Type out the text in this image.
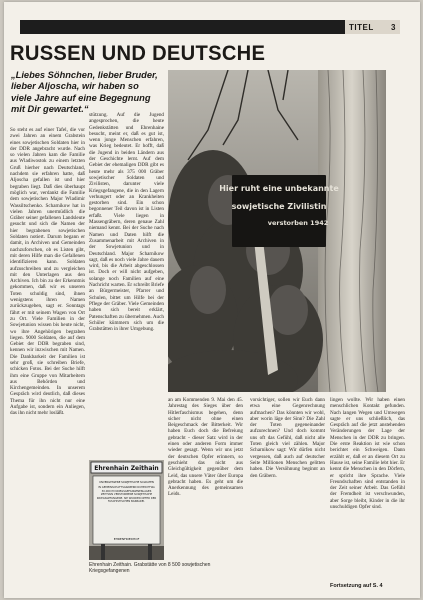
TITEL 3
RUSSEN UND DEUTSCHE
„Liebes Söhnchen, lieber Bruder, lieber Aljoscha, wir haben so viele Jahre auf eine Begegnung mit Dir gewartet.“
So steht es auf einer Tafel, die vor zwei Jahren an einem Grabstein eines sowjetischen Soldaten hier in der DDR angebracht wurde. Nach so vielen Jahren kam die Familie aus Wladiwostok zu einem letzten Gruß hierher nach Deutschland, nachdem sie erfahren hatte, daß Aljoscha gefallen ist und hier begraben liegt. Daß dies überhaupt möglich war, verdankt die Familie dem sowjetischen Major Wladimir Wassiltschenko. Scharnikow hat in vielen Jahren unermüdlich die Gräber seiner gefallenen Landsleute gesucht und sich die Namen der hier begrabenen sowjetischen Soldaten notiert. Darum begann er damit, in Archiven und Gemeinden nachzuforschen, ob es Listen gibt, mit deren Hilfe man die Gefallenen identifizieren kann. Soldaten aufzuschreiben und zu vergleichen mit den Unterlagen aus den Archiven. Ich bin zu der Erkenntnis gekommen, daß wir es unseren Toten schuldig sind, ihnen wenigstens ihren Namen zurückzugeben, sagt er. Sonntags fährt er mit seinem Wagen von Ort zu Ort. Viele Familien in der Sowjetunion wissen bis heute nicht, wo ihre Angehörigen begraben liegen. 9000 Soldaten, die auf dem Gebiet der DDR begraben sind, kennen wir inzwischen mit Namen. Die Dankbarkeit der Familien ist sehr groß, sie schreiben Briefe, schicken Fotos. Bei der Suche hilft ihm eine Gruppe von Mitarbeitern aus Behörden und Kirchengemeinden. In unserem Gespräch wird deutlich, daß dieses Thema für ihn nicht nur eine Aufgabe ist, sondern ein Anliegen, das ihn nicht mehr losläßt.
stützung. Auf die Jugend angesprochen, die heute Gedenkstätten und Ehrenhaine besucht, meint er, daß es gut ist, wenn junge Menschen erfahren, was Krieg bedeutet. Er hofft, daß die Jugend in beiden Ländern aus der Geschichte lernt. Auf dem Gebiet der ehemaligen DDR gibt es heute mehr als 375 000 Gräber sowjetischer Soldaten und Zivilisten, darunter viele Kriegsgefangene, die in den Lagern verhungert oder an Krankheiten gestorben sind. Ein schon begonnener Teil davon ist in Listen erfaßt. Viele liegen in Massengräbern, deren genaue Zahl niemand kennt. Bei der Suche nach Namen und Daten hilft die Zusammenarbeit mit Archiven in der Sowjetunion und in Deutschland. Major Scharnikow sagt, daß es noch viele Jahre dauern wird, bis die Arbeit abgeschlossen ist. Doch er will nicht aufgeben, solange noch Familien auf eine Nachricht warten. Er schreibt Briefe an Bürgermeister, Pfarrer und Schulen, bittet um Hilfe bei der Pflege der Gräber. Viele Gemeinden haben sich bereit erklärt, Patenschaften zu übernehmen. Auch Schüler kümmern sich um die Grabstätten in ihrer Umgebung.
Hier ruht eine unbekannte
sowjetische Zivilistin
verstorben 1942
Ehrenhain Zeithain
UNVERGESSENE SOWJETISCHE SOLDATEN
IN GEMEINSCHAFTSGRABERN RUHEN ETWA 30.000 IM KRIEGSGEFANGENENLAGER ZEITHAIN VERSTORBENE SOWJETISCHE KRIEGSGEFANGENE. SIE WURDEN OPFER DER FASCHISTISCHEN BARBAREI.
EHRENFRIEDHOF
Ehrenhain Zeithain. Grabstätte von 8 500 sowjetischen Kriegsgefangenen
an am Kommenden 9. Mai den 45. Jahrestag des Sieges über den Hitlerfaschismus begehen, denn sicher nicht ohne einen Beigeschmack der Bitterkeit. Wir haben Euch doch die Befreiung gebracht - dieser Satz wird in der einen oder anderen Form immer wieder gesagt. Wenn wir uns jetzt der deutschen Opfer erinnern, so geschieht das nicht aus Gleichgültigkeit gegenüber dem Leid, das unsere Väter über Europa gebracht haben. Es geht um die Anerkennung des gemeinsamen Leids.
vorsichtiger, sollen wir Euch dann etwa eine Gegenrechnung aufmachen? Das könnten wir wohl, aber worin läge der Sinn? Die Zahl der Toten gegeneinander aufzurechnen? Und doch kommt uns oft das Gefühl, daß nicht alle Toten gleich viel zählen. Major Scharnikow sagt: Wir dürfen nicht vergessen, daß auch auf deutscher Seite Millionen Menschen gelitten haben. Die Versöhnung beginnt an den Gräbern.
lingen wollte. Wir haben einen menschlichen Kontakt gefunden. Nach langen Wegen und Umwegen sagte er uns schließlich, das Gespräch auf die jetzt anstehenden Veränderungen der Lage der Menschen in der DDR zu bringen. Die erste Reaktion ist wie schon berichtet ein Schweigen. Dann erzählt er, daß er an diesem Ort zu Hause ist, seine Familie lebt hier. Er kennt die Menschen in den Dörfern, er spricht ihre Sprache. Viele Freundschaften sind entstanden in der Zeit seiner Arbeit. Das Gefühl der Fremdheit ist verschwunden, aber Sorge bleibt, Kinder in die ihr unschuldigen Opfer sind.
Fortsetzung auf S. 4
